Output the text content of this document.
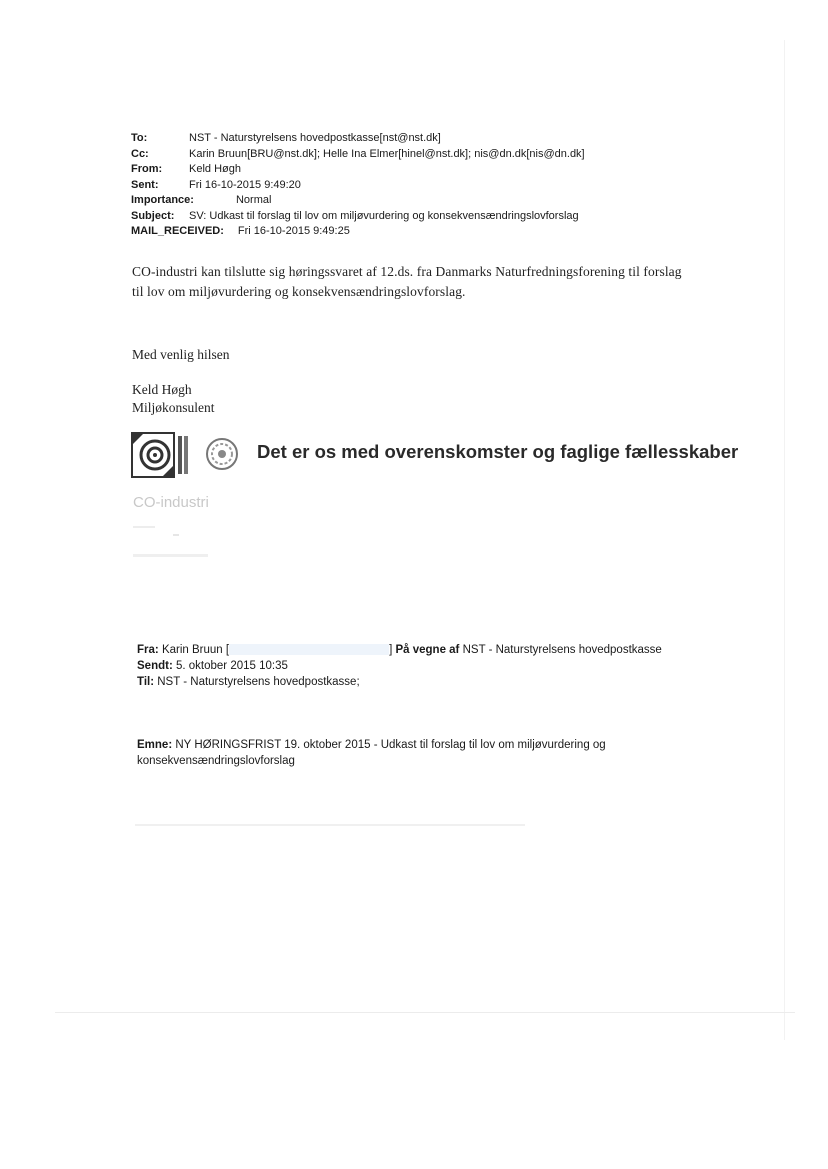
To:	NST - Naturstyrelsens hovedpostkasse[nst@nst.dk]
Cc:	Karin Bruun[BRU@nst.dk]; Helle Ina Elmer[hinel@nst.dk]; nis@dn.dk[nis@dn.dk]
From: Keld Høgh
Sent:	Fri 16-10-2015 9:49:20
Importance:	Normal
Subject: SV: Udkast til forslag til lov om miljøvurdering og konsekvensændringslovforslag
MAIL_RECEIVED: Fri 16-10-2015 9:49:25
CO-industri kan tilslutte sig høringssvaret af 12.ds. fra Danmarks Naturfredningsforening til forslag til lov om miljøvurdering og konsekvensændringslovforslag.
Med venlig hilsen
Keld Høgh
Miljøkonsulent
Det er os med overenskomster og faglige fællesskaber
CO-industri
Fra: Karin Bruun [	] På vegne af NST - Naturstyrelsens hovedpostkasse
Sendt: 5. oktober 2015 10:35
Til: NST - Naturstyrelsens hovedpostkasse;
Emne: NY HØRINGSFRIST 19. oktober 2015 - Udkast til forslag til lov om miljøvurdering og konsekvensændringslovforslag
